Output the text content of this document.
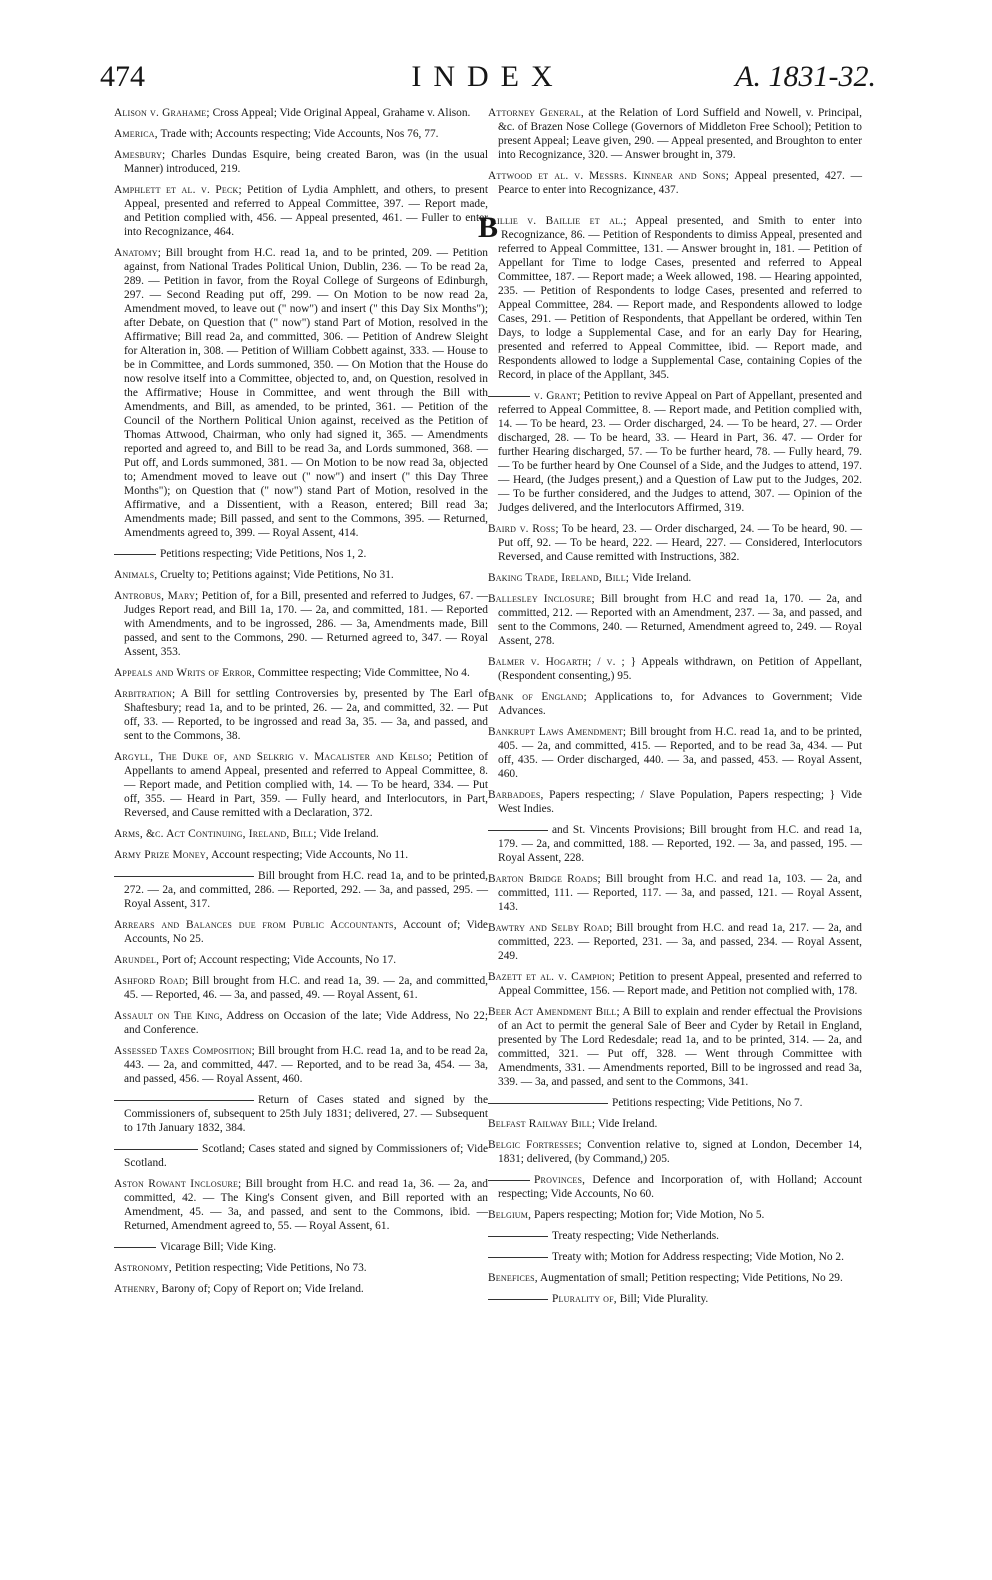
474	INDEX	A. 1831-32.
Alison v. Grahame; Cross Appeal; Vide Original Appeal, Grahame v. Alison.
America, Trade with; Accounts respecting; Vide Accounts, Nos 76, 77.
Amesbury; Charles Dundas Esquire, being created Baron, was (in the usual Manner) introduced, 219.
Amphlett et al. v. Peck; Petition of Lydia Amphlett, and others, to present Appeal, presented and referred to Appeal Committee, 397. — Report made, and Petition complied with, 456. — Appeal presented, 461. — Fuller to enter into Recognizance, 464.
Anatomy; Bill brought from H.C. read 1a, and to be printed, 209. — Petition against, from National Trades Political Union, Dublin, 236. — To be read 2a, 289. — Petition in favor, from the Royal College of Surgeons of Edinburgh, 297. — Second Reading put off, 299. — On Motion to be now read 2a, Amendment moved, to leave out (" now") and insert (" this Day Six Months"); after Debate, on Question that (" now") stand Part of Motion, resolved in the Affirmative; Bill read 2a, and committed, 306. — Petition of Andrew Sleight for Alteration in, 308. — Petition of William Cobbett against, 333. — House to be in Committee, and Lords summoned, 350. — On Motion that the House do now resolve itself into a Committee, objected to, and, on Question, resolved in the Affirmative; House in Committee, and went through the Bill with Amendments, and Bill, as amended, to be printed, 361. — Petition of the Council of the Northern Political Union against, received as the Petition of Thomas Attwood, Chairman, who only had signed it, 365. — Amendments reported and agreed to, and Bill to be read 3a, and Lords summoned, 368. — Put off, and Lords summoned, 381. — On Motion to be now read 3a, objected to; Amendment moved to leave out (" now") and insert (" this Day Three Months"); on Question that (" now") stand Part of Motion, resolved in the Affirmative, and a Dissentient, with a Reason, entered; Bill read 3a; Amendments made; Bill passed, and sent to the Commons, 395. — Returned, Amendments agreed to, 399. — Royal Assent, 414.
Petitions respecting; Vide Petitions, Nos 1, 2.
Animals, Cruelty to; Petitions against; Vide Petitions, No 31.
Antrobus, Mary; Petition of, for a Bill, presented and referred to Judges, 67. — Judges Report read, and Bill 1a, 170. — 2a, and committed, 181. — Reported with Amendments, and to be ingrossed, 286. — 3a, Amendments made, Bill passed, and sent to the Commons, 290. — Returned agreed to, 347. — Royal Assent, 353.
Appeals and Writs of Error, Committee respecting; Vide Committee, No 4.
Arbitration; A Bill for settling Controversies by, presented by The Earl of Shaftesbury; read 1a, and to be printed, 26. — 2a, and committed, 32. — Put off, 33. — Reported, to be ingrossed and read 3a, 35. — 3a, and passed, and sent to the Commons, 38.
Argyll, The Duke of, and Selkrig v. Macalister and Kelso; Petition of Appellants to amend Appeal, presented and referred to Appeal Committee, 8. — Report made, and Petition complied with, 14. — To be heard, 334. — Put off, 355. — Heard in Part, 359. — Fully heard, and Interlocutors, in Part, Reversed, and Cause remitted with a Declaration, 372.
Arms, &c. Act Continuing, Ireland, Bill; Vide Ireland.
Army Prize Money, Account respecting; Vide Accounts, No 11.
Bill brought from H.C. read 1a, and to be printed, 272. — 2a, and committed, 286. — Reported, 292. — 3a, and passed, 295. — Royal Assent, 317.
Arrears and Balances due from Public Accountants, Account of; Vide Accounts, No 25.
Arundel, Port of; Account respecting; Vide Accounts, No 17.
Ashford Road; Bill brought from H.C. and read 1a, 39. — 2a, and committed, 45. — Reported, 46. — 3a, and passed, 49. — Royal Assent, 61.
Assault on The King, Address on Occasion of the late; Vide Address, No 22; and Conference.
Assessed Taxes Composition; Bill brought from H.C. read 1a, and to be read 2a, 443. — 2a, and committed, 447. — Reported, and to be read 3a, 454. — 3a, and passed, 456. — Royal Assent, 460.
Return of Cases stated and signed by the Commissioners of, subsequent to 25th July 1831; delivered, 27. — Subsequent to 17th January 1832, 384.
Scotland; Cases stated and signed by Commissioners of; Vide Scotland.
Aston Rowant Inclosure; Bill brought from H.C. and read 1a, 36. — 2a, and committed, 42. — The King's Consent given, and Bill reported with an Amendment, 45. — 3a, and passed, and sent to the Commons, ibid. — Returned, Amendment agreed to, 55. — Royal Assent, 61.
Vicarage Bill; Vide King.
Astronomy, Petition respecting; Vide Petitions, No 73.
Athenry, Barony of; Copy of Report on; Vide Ireland.
Attorney General, at the Relation of Lord Suffield and Nowell, v. Principal, &c. of Brazen Nose College (Governors of Middleton Free School); Petition to present Appeal; Leave given, 290. — Appeal presented, and Broughton to enter into Recognizance, 320. — Answer brought in, 379.
Attwood et al. v. Messrs. Kinnear and Sons; Appeal presented, 427. — Pearce to enter into Recognizance, 437.
B
aillie v. Baillie et al.; Appeal presented, and Smith to enter into Recognizance, 86. — Petition of Respondents to dimiss Appeal, presented and referred to Appeal Committee, 131. — Answer brought in, 181. — Petition of Appellant for Time to lodge Cases, presented and referred to Appeal Committee, 187. — Report made; a Week allowed, 198. — Hearing appointed, 235. — Petition of Respondents to lodge Cases, presented and referred to Appeal Committee, 284. — Report made, and Respondents allowed to lodge Cases, 291. — Petition of Respondents, that Appellant be ordered, within Ten Days, to lodge a Supplemental Case, and for an early Day for Hearing, presented and referred to Appeal Committee, ibid. — Report made, and Respondents allowed to lodge a Supplemental Case, containing Copies of the Record, in place of the Appllant, 345.
v. Grant; Petition to revive Appeal on Part of Appellant, presented and referred to Appeal Committee, 8. — Report made, and Petition complied with, 14. — To be heard, 23. — Order discharged, 24. — To be heard, 27. — Order discharged, 28. — To be heard, 33. — Heard in Part, 36. 47. — Order for further Hearing discharged, 57. — To be further heard, 78. — Fully heard, 79. — To be further heard by One Counsel of a Side, and the Judges to attend, 197. — Heard, (the Judges present,) and a Question of Law put to the Judges, 202. — To be further considered, and the Judges to attend, 307. — Opinion of the Judges delivered, and the Interlocutors Affirmed, 319.
Baird v. Ross; To be heard, 23. — Order discharged, 24. — To be heard, 90. — Put off, 92. — To be heard, 222. — Heard, 227. — Considered, Interlocutors Reversed, and Cause remitted with Instructions, 382.
Baking Trade, Ireland, Bill; Vide Ireland.
Ballesley Inclosure; Bill brought from H.C and read 1a, 170. — 2a, and committed, 212. — Reported with an Amendment, 237. — 3a, and passed, and sent to the Commons, 240. — Returned, Amendment agreed to, 249. — Royal Assent, 278.
Balmer v. Hogarth; / v. ; } Appeals withdrawn, on Petition of Appellant, (Respondent consenting,) 95.
Bank of England; Applications to, for Advances to Government; Vide Advances.
Bankrupt Laws Amendment; Bill brought from H.C. read 1a, and to be printed, 405. — 2a, and committed, 415. — Reported, and to be read 3a, 434. — Put off, 435. — Order discharged, 440. — 3a, and passed, 453. — Royal Assent, 460.
Barbadoes, Papers respecting; / Slave Population, Papers respecting; } Vide West Indies.
and St. Vincents Provisions; Bill brought from H.C. and read 1a, 179. — 2a, and committed, 188. — Reported, 192. — 3a, and passed, 195. — Royal Assent, 228.
Barton Bridge Roads; Bill brought from H.C. and read 1a, 103. — 2a, and committed, 111. — Reported, 117. — 3a, and passed, 121. — Royal Assent, 143.
Bawtry and Selby Road; Bill brought from H.C. and read 1a, 217. — 2a, and committed, 223. — Reported, 231. — 3a, and passed, 234. — Royal Assent, 249.
Bazett et al. v. Campion; Petition to present Appeal, presented and referred to Appeal Committee, 156. — Report made, and Petition not complied with, 178.
Beer Act Amendment Bill; A Bill to explain and render effectual the Provisions of an Act to permit the general Sale of Beer and Cyder by Retail in England, presented by The Lord Redesdale; read 1a, and to be printed, 314. — 2a, and committed, 321. — Put off, 328. — Went through Committee with Amendments, 331. — Amendments reported, Bill to be ingrossed and read 3a, 339. — 3a, and passed, and sent to the Commons, 341.
Petitions respecting; Vide Petitions, No 7.
Belfast Railway Bill; Vide Ireland.
Belgic Fortresses; Convention relative to, signed at London, December 14, 1831; delivered, (by Command,) 205.
Provinces, Defence and Incorporation of, with Holland; Account respecting; Vide Accounts, No 60.
Belgium, Papers respecting; Motion for; Vide Motion, No 5.
Treaty respecting; Vide Netherlands.
Treaty with; Motion for Address respecting; Vide Motion, No 2.
Benefices, Augmentation of small; Petition respecting; Vide Petitions, No 29.
Plurality of, Bill; Vide Plurality.
